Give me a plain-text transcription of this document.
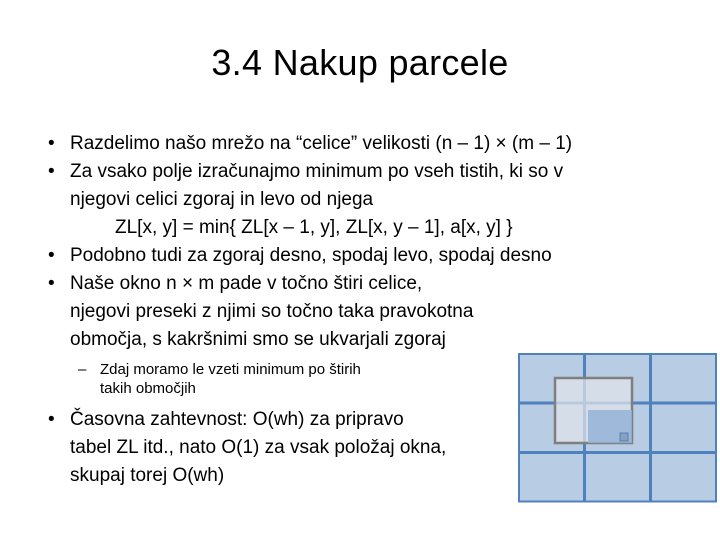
3.4 Nakup parcele
• Razdelimo našo mrežo na “celice” velikosti (n – 1) × (m – 1)
• Za vsako polje izračunajmo minimum po vseh tistih, ki so v
njegovi celici zgoraj in levo od njega
ZL[x, y] = min{ ZL[x – 1, y], ZL[x, y – 1], a[x, y] }
• Podobno tudi za zgoraj desno, spodaj levo, spodaj desno
• Naše okno n × m pade v točno štiri celice,
njegovi preseki z njimi so točno taka pravokotna
območja, s kakršnimi smo se ukvarjali zgoraj
– Zdaj moramo le vzeti minimum po štirih
takih območjih
• Časovna zahtevnost: O(wh) za pripravo
tabel ZL itd., nato O(1) za vsak položaj okna,
skupaj torej O(wh)
